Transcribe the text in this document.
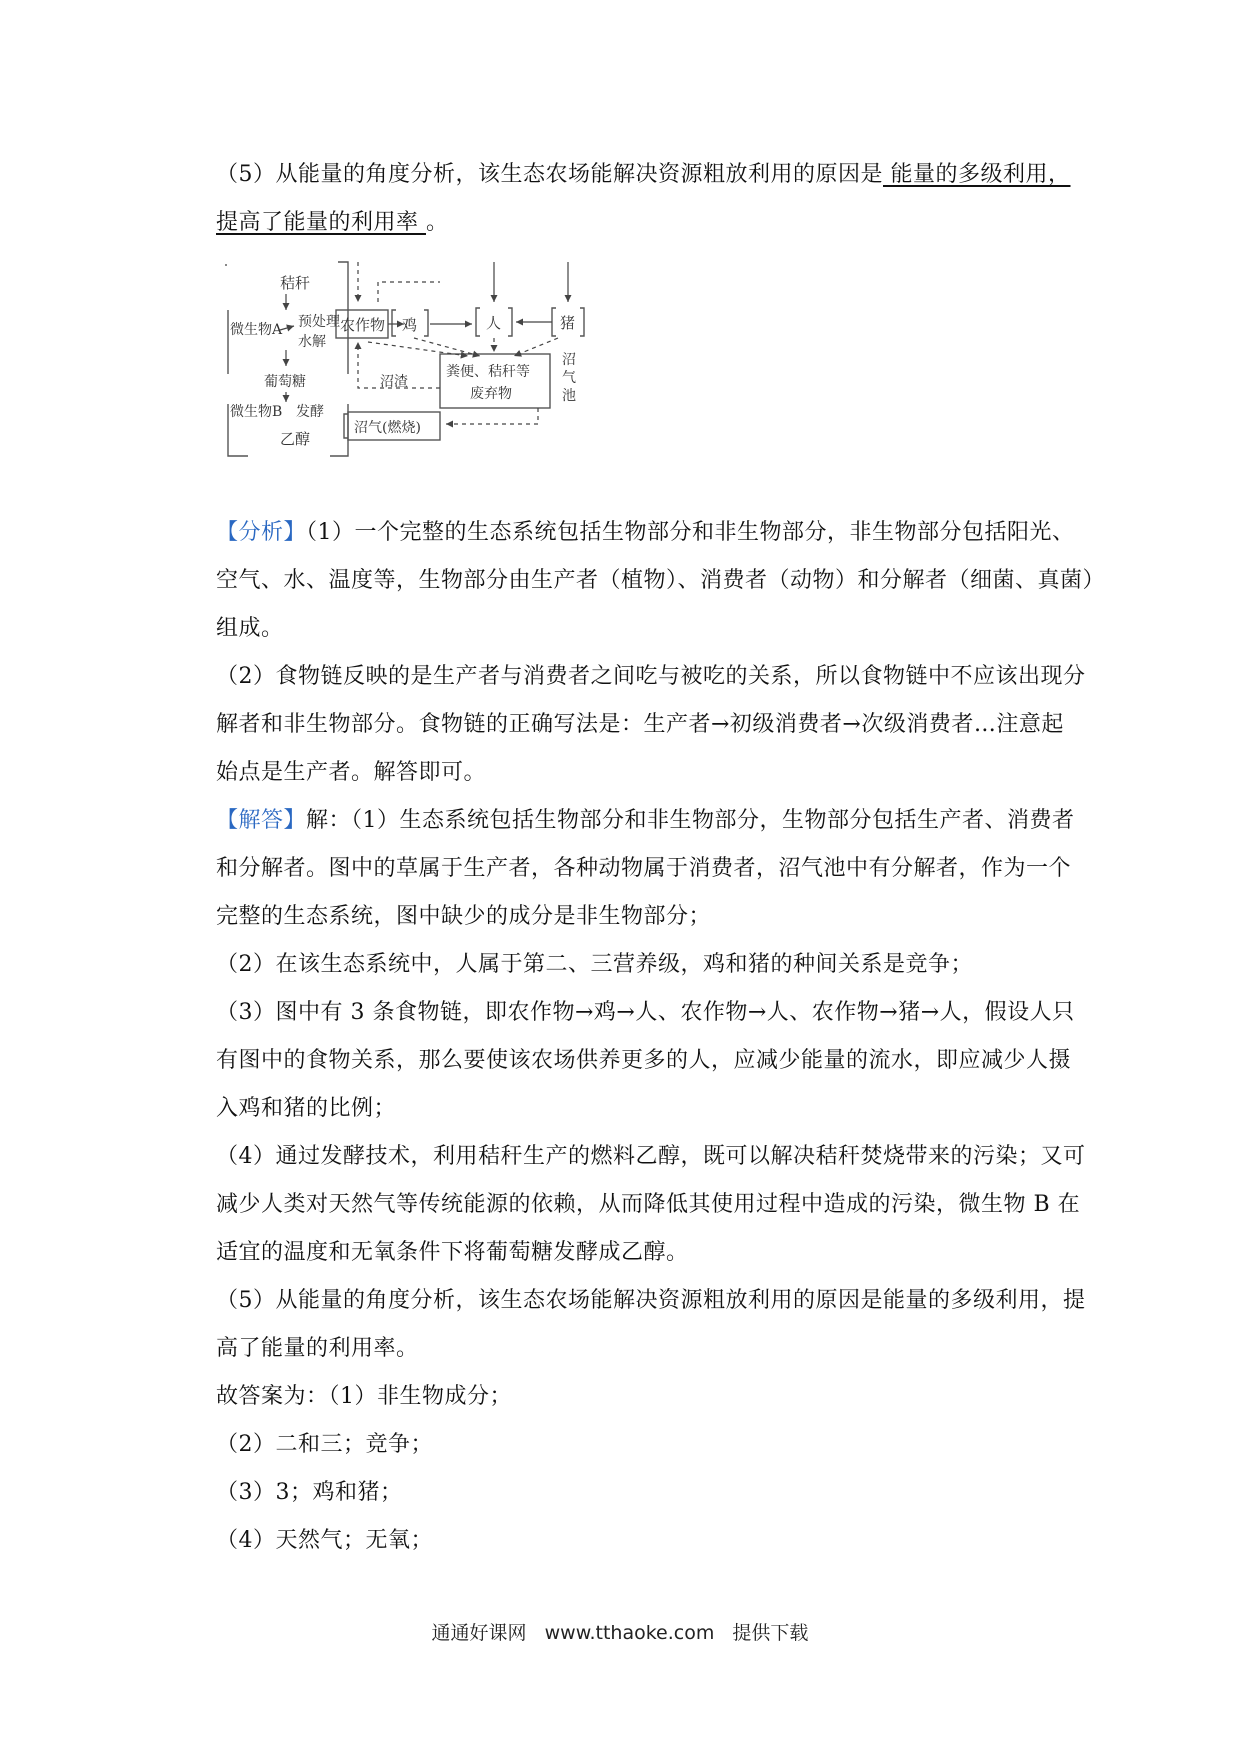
（5）从能量的角度分析，该生态农场能解决资源粗放利用的原因是 能量的多级利用，
提高了能量的利用率 。
秸秆
微生物A 预处理
水解
葡萄糖
微生物B 发酵
乙醇
农作物 鸡	人	猪
粪便、秸秆等
废弃物
沼渣
沼
气
池
沼气(燃烧)
【分析】（1）一个完整的生态系统包括生物部分和非生物部分，非生物部分包括阳光、
空气、水、温度等，生物部分由生产者（植物）、消费者（动物）和分解者（细菌、真菌）
组成。
（2）食物链反映的是生产者与消费者之间吃与被吃的关系，所以食物链中不应该出现分
解者和非生物部分。食物链的正确写法是：生产者→初级消费者→次级消费者…注意起
始点是生产者。解答即可。
【解答】解：（1）生态系统包括生物部分和非生物部分，生物部分包括生产者、消费者
和分解者。图中的草属于生产者，各种动物属于消费者，沼气池中有分解者，作为一个
完整的生态系统，图中缺少的成分是非生物部分；
（2）在该生态系统中，人属于第二、三营养级，鸡和猪的种间关系是竞争；
（3）图中有 3 条食物链，即农作物→鸡→人、农作物→人、农作物→猪→人，假设人只
有图中的食物关系，那么要使该农场供养更多的人，应减少能量的流水，即应减少人摄
入鸡和猪的比例；
（4）通过发酵技术，利用秸秆生产的燃料乙醇，既可以解决秸秆焚烧带来的污染；又可
减少人类对天然气等传统能源的依赖，从而降低其使用过程中造成的污染，微生物 B 在
适宜的温度和无氧条件下将葡萄糖发酵成乙醇。
（5）从能量的角度分析，该生态农场能解决资源粗放利用的原因是能量的多级利用，提
高了能量的利用率。
故答案为：（1）非生物成分；
（2）二和三；竞争；
（3）3；鸡和猪；
（4）天然气；无氧；
通通好课网 www.tthaoke.com 提供下载
